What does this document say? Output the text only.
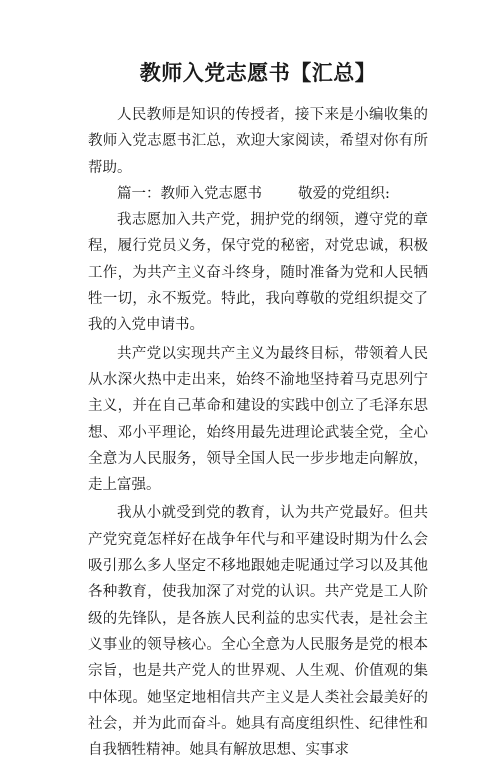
教师入党志愿书【汇总】

人民教师是知识的传授者，接下来是小编收集的教师入党志愿书汇总，欢迎大家阅读，希望对你有所帮助。

篇一：教师入党志愿书 敬爱的党组织:

我志愿加入共产党，拥护党的纲领，遵守党的章程，履行党员义务，保守党的秘密，对党忠诚，积极工作，为共产主义奋斗终身，随时准备为党和人民牺牲一切，永不叛党。特此，我向尊敬的党组织提交了我的入党申请书。

共产党以实现共产主义为最终目标，带领着人民从水深火热中走出来，始终不渝地坚持着马克思列宁主义，并在自己革命和建设的实践中创立了毛泽东思想、邓小平理论，始终用最先进理论武装全党，全心全意为人民服务，领导全国人民一步步地走向解放，走上富强。

我从小就受到党的教育，认为共产党最好。但共产党究竟怎样好在战争年代与和平建设时期为什么会吸引那么多人坚定不移地跟她走呢通过学习以及其他各种教育，使我加深了对党的认识。共产党是工人阶级的先锋队，是各族人民利益的忠实代表，是社会主义事业的领导核心。全心全意为人民服务是党的根本宗旨，也是共产党人的世界观、人生观、价值观的集中体现。她坚定地相信共产主义是人类社会最美好的社会，并为此而奋斗。她具有高度组织性、纪律性和自我牺牲精神。她具有解放思想、实事求
